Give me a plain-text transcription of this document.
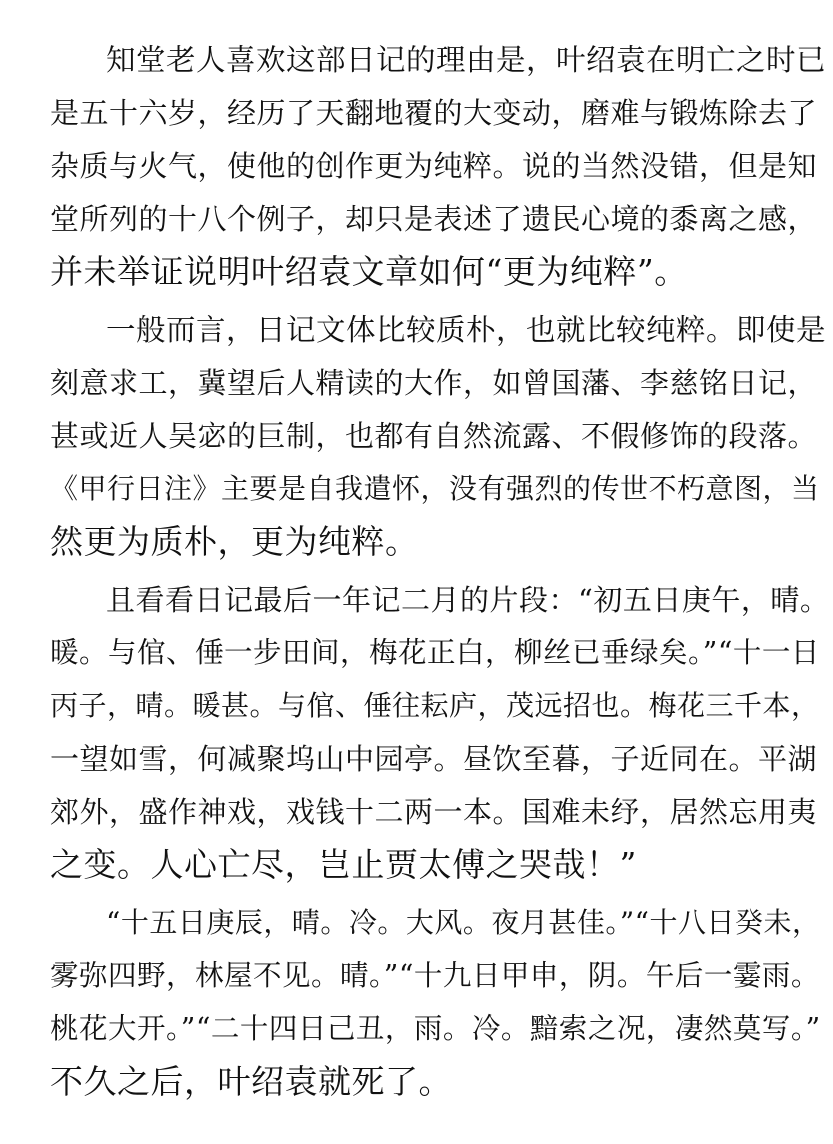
知堂老人喜欢这部日记的理由是，叶绍袁在明亡之时已
是五十六岁，经历了天翻地覆的大变动，磨难与锻炼除去了
杂质与火气，使他的创作更为纯粹。说的当然没错，但是知
堂所列的十八个例子，却只是表述了遗民心境的黍离之感，
并未举证说明叶绍袁文章如何“更为纯粹”。
一般而言，日记文体比较质朴，也就比较纯粹。即使是
刻意求工，冀望后人精读的大作，如曾国藩、李慈铭日记，
甚或近人吴宓的巨制，也都有自然流露、不假修饰的段落。
《甲行日注》主要是自我遣怀，没有强烈的传世不朽意图，当
然更为质朴，更为纯粹。
且看看日记最后一年记二月的片段：“初五日庚午，晴。
暖。与倌、倕一步田间，梅花正白，柳丝已垂绿矣。”“十一日
丙子，晴。暖甚。与倌、倕往耘庐，茂远招也。梅花三千本，
一望如雪，何减聚坞山中园亭。昼饮至暮，子近同在。平湖
郊外，盛作神戏，戏钱十二两一本。国难未纾，居然忘用夷
之变。人心亡尽，岂止贾太傅之哭哉！”
“十五日庚辰，晴。冷。大风。夜月甚佳。”“十八日癸未，
雾弥四野，林屋不见。晴。”“十九日甲申，阴。午后一霎雨。
桃花大开。”“二十四日己丑，雨。冷。黯索之况，凄然莫写。”
不久之后，叶绍袁就死了。
